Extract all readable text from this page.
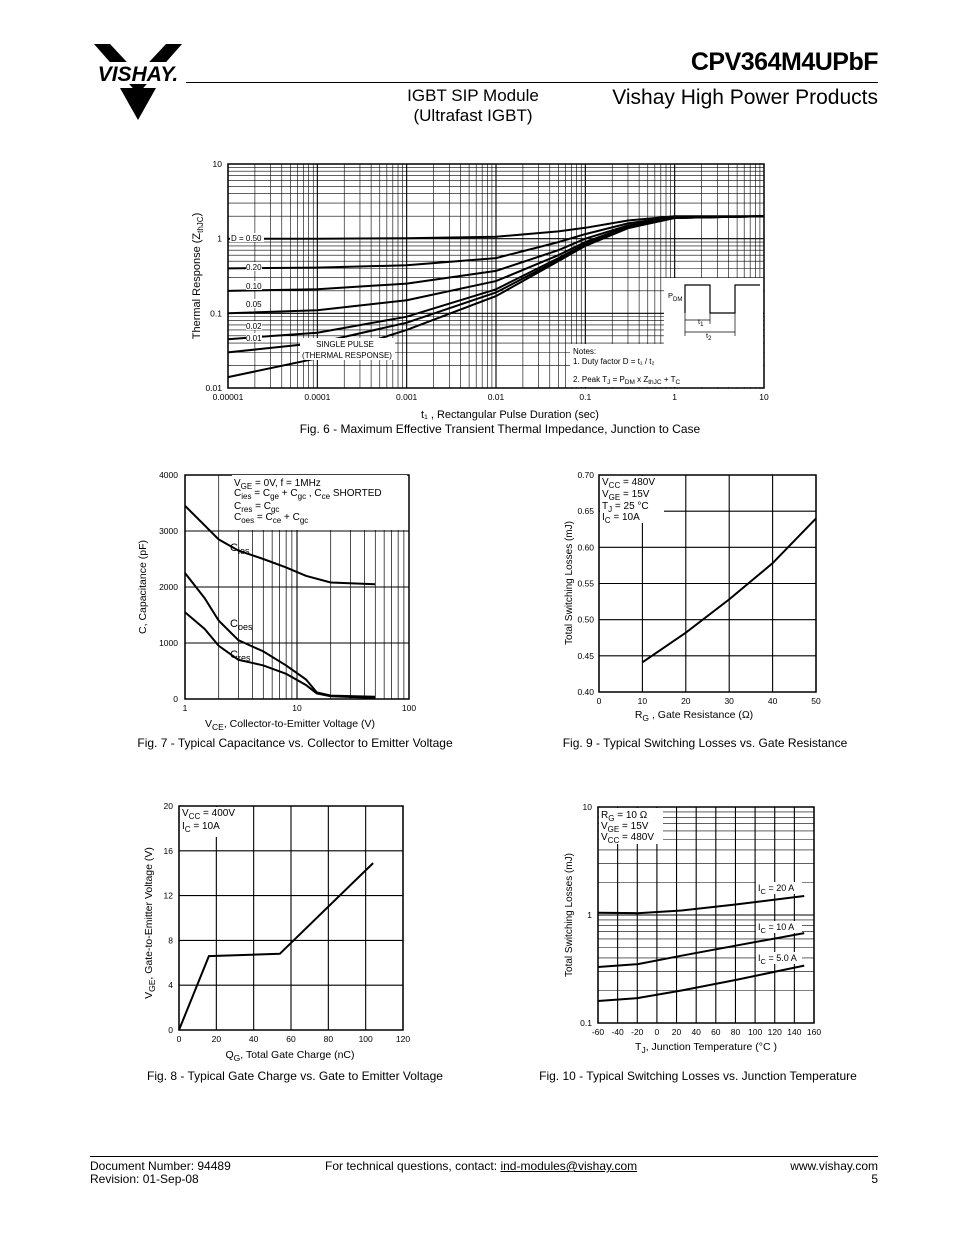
VISHAY.	CPV364M4UPbF
IGBT SIP Module
(Ultrafast IGBT)
Vishay High Power Products
0.00001	0.0001	0.001	0.01	0.1	1	10
0.01
0.1
1
10
D = 0.50
0.20
0.10
0.05
0.02
0.01
SINGLE PULSE
(THERMAL RESPONSE)	Notes:
1. Duty factor D = t₁ / t₂
2. Peak $T_J = P_{DM}$ x $Z_{thJC} + T_C$
$P_{DM}$
$t_1$
$t_2$
Thermal Response $(Z_{thJC})$
t₁ , Rectangular Pulse Duration (sec)
Fig. 6 - Maximum Effective Transient Thermal Impedance, Junction to Case
1	10	100
0
1000
2000
3000
4000
$V_{GE} = 0V$, f = 1MHz
$C_{ies} = C_{ge} + C_{gc}$ , $C_{ce}$ SHORTED
$C_{res} = C_{gc}$
$C_{oes} = C_{ce} + C_{gc}$
$C_{ies}$
$C_{oes}$
$C_{res}$
C, Capacitance (pF)
$V_{CE}$, Collector-to-Emitter Voltage (V)
Fig. 7 - Typical Capacitance vs. Collector to Emitter Voltage
0	10	20	30	40	50
0.40
0.45
0.50
0.55
0.60
0.65
0.70
$V_{CC} = 480V$
$V_{GE} = 15V$
$T_J = 25$ °C
$I_C = 10A$
Total Switching Losses (mJ)
$R_G$ , Gate Resistance (Ω)
Fig. 9 - Typical Switching Losses vs. Gate Resistance
0	20	40	60	80	100	120
0
4
8
12
16
20
$V_{CC} = 400V$
$I_C = 10A$
$V_{GE}$, Gate-to-Emitter Voltage (V)
$Q_G$, Total Gate Charge (nC)
Fig. 8 - Typical Gate Charge vs. Gate to Emitter Voltage
-60 -40 -20 0 20 40 60 80 100 120 140 160
0.1
1
10
$R_G = 10$ Ω
$V_{GE} = 15V$
$V_{CC} = 480V$
$I_C = 20$ A
$I_C = 10$ A
$I_C = 5.0$ A
Total Switching Losses (mJ)
$T_J$, Junction Temperature (°C )
Fig. 10 - Typical Switching Losses vs. Junction Temperature
Document Number: 94489
Revision: 01-Sep-08
For technical questions, contact: ind-modules@vishay.com	www.vishay.com
5
